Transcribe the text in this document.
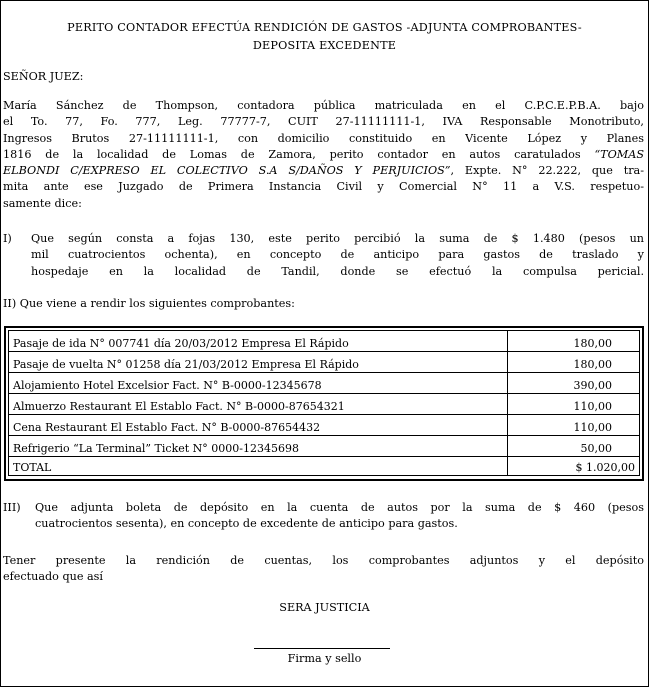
PERITO CONTADOR EFECTÚA RENDICIÓN DE GASTOS -ADJUNTA COMPROBANTES-
DEPOSITA EXCEDENTE
SEÑOR JUEZ:
María Sánchez de Thompson, contadora pública matriculada en el C.P.C.E.P.B.A. bajo
el To. 77, Fo. 777, Leg. 77777-7, CUIT 27-11111111-1, IVA Responsable Monotributo,
Ingresos Brutos 27-11111111-1, con domicilio constituido en Vicente López y Planes
1816 de la localidad de Lomas de Zamora, perito contador en autos caratulados “TOMAS
ELBONDI C/EXPRESO EL COLECTIVO S.A S/DAÑOS Y PERJUICIOS”, Expte. N° 22.222, que tra-
mita ante ese Juzgado de Primera Instancia Civil y Comercial N° 11 a V.S. respetuo-
samente dice:
I)	Que según consta a fojas 130, este perito percibió la suma de $ 1.480 (pesos un
mil cuatrocientos ochenta), en concepto de anticipo para gastos de traslado y
hospedaje en la localidad de Tandil, donde se efectuó la compulsa pericial.
II) Que viene a rendir los siguientes comprobantes:
Pasaje de ida N° 007741 día 20/03/2012 Empresa El Rápido	180,00
Pasaje de vuelta N° 01258 día 21/03/2012 Empresa El Rápido	180,00
Alojamiento Hotel Excelsior Fact. N° B-0000-12345678	390,00
Almuerzo Restaurant El Establo Fact. N° B-0000-87654321	110,00
Cena Restaurant El Establo Fact. N° B-0000-87654432	110,00
Refrigerio “La Terminal” Ticket N° 0000-12345698	50,00
TOTAL	$ 1.020,00
III)	Que adjunta boleta de depósito en la cuenta de autos por la suma de $ 460 (pesos
cuatrocientos sesenta), en concepto de excedente de anticipo para gastos.
Tener presente la rendición de cuentas, los comprobantes adjuntos y el depósito
efectuado que así
SERA JUSTICIA
Firma y sello
